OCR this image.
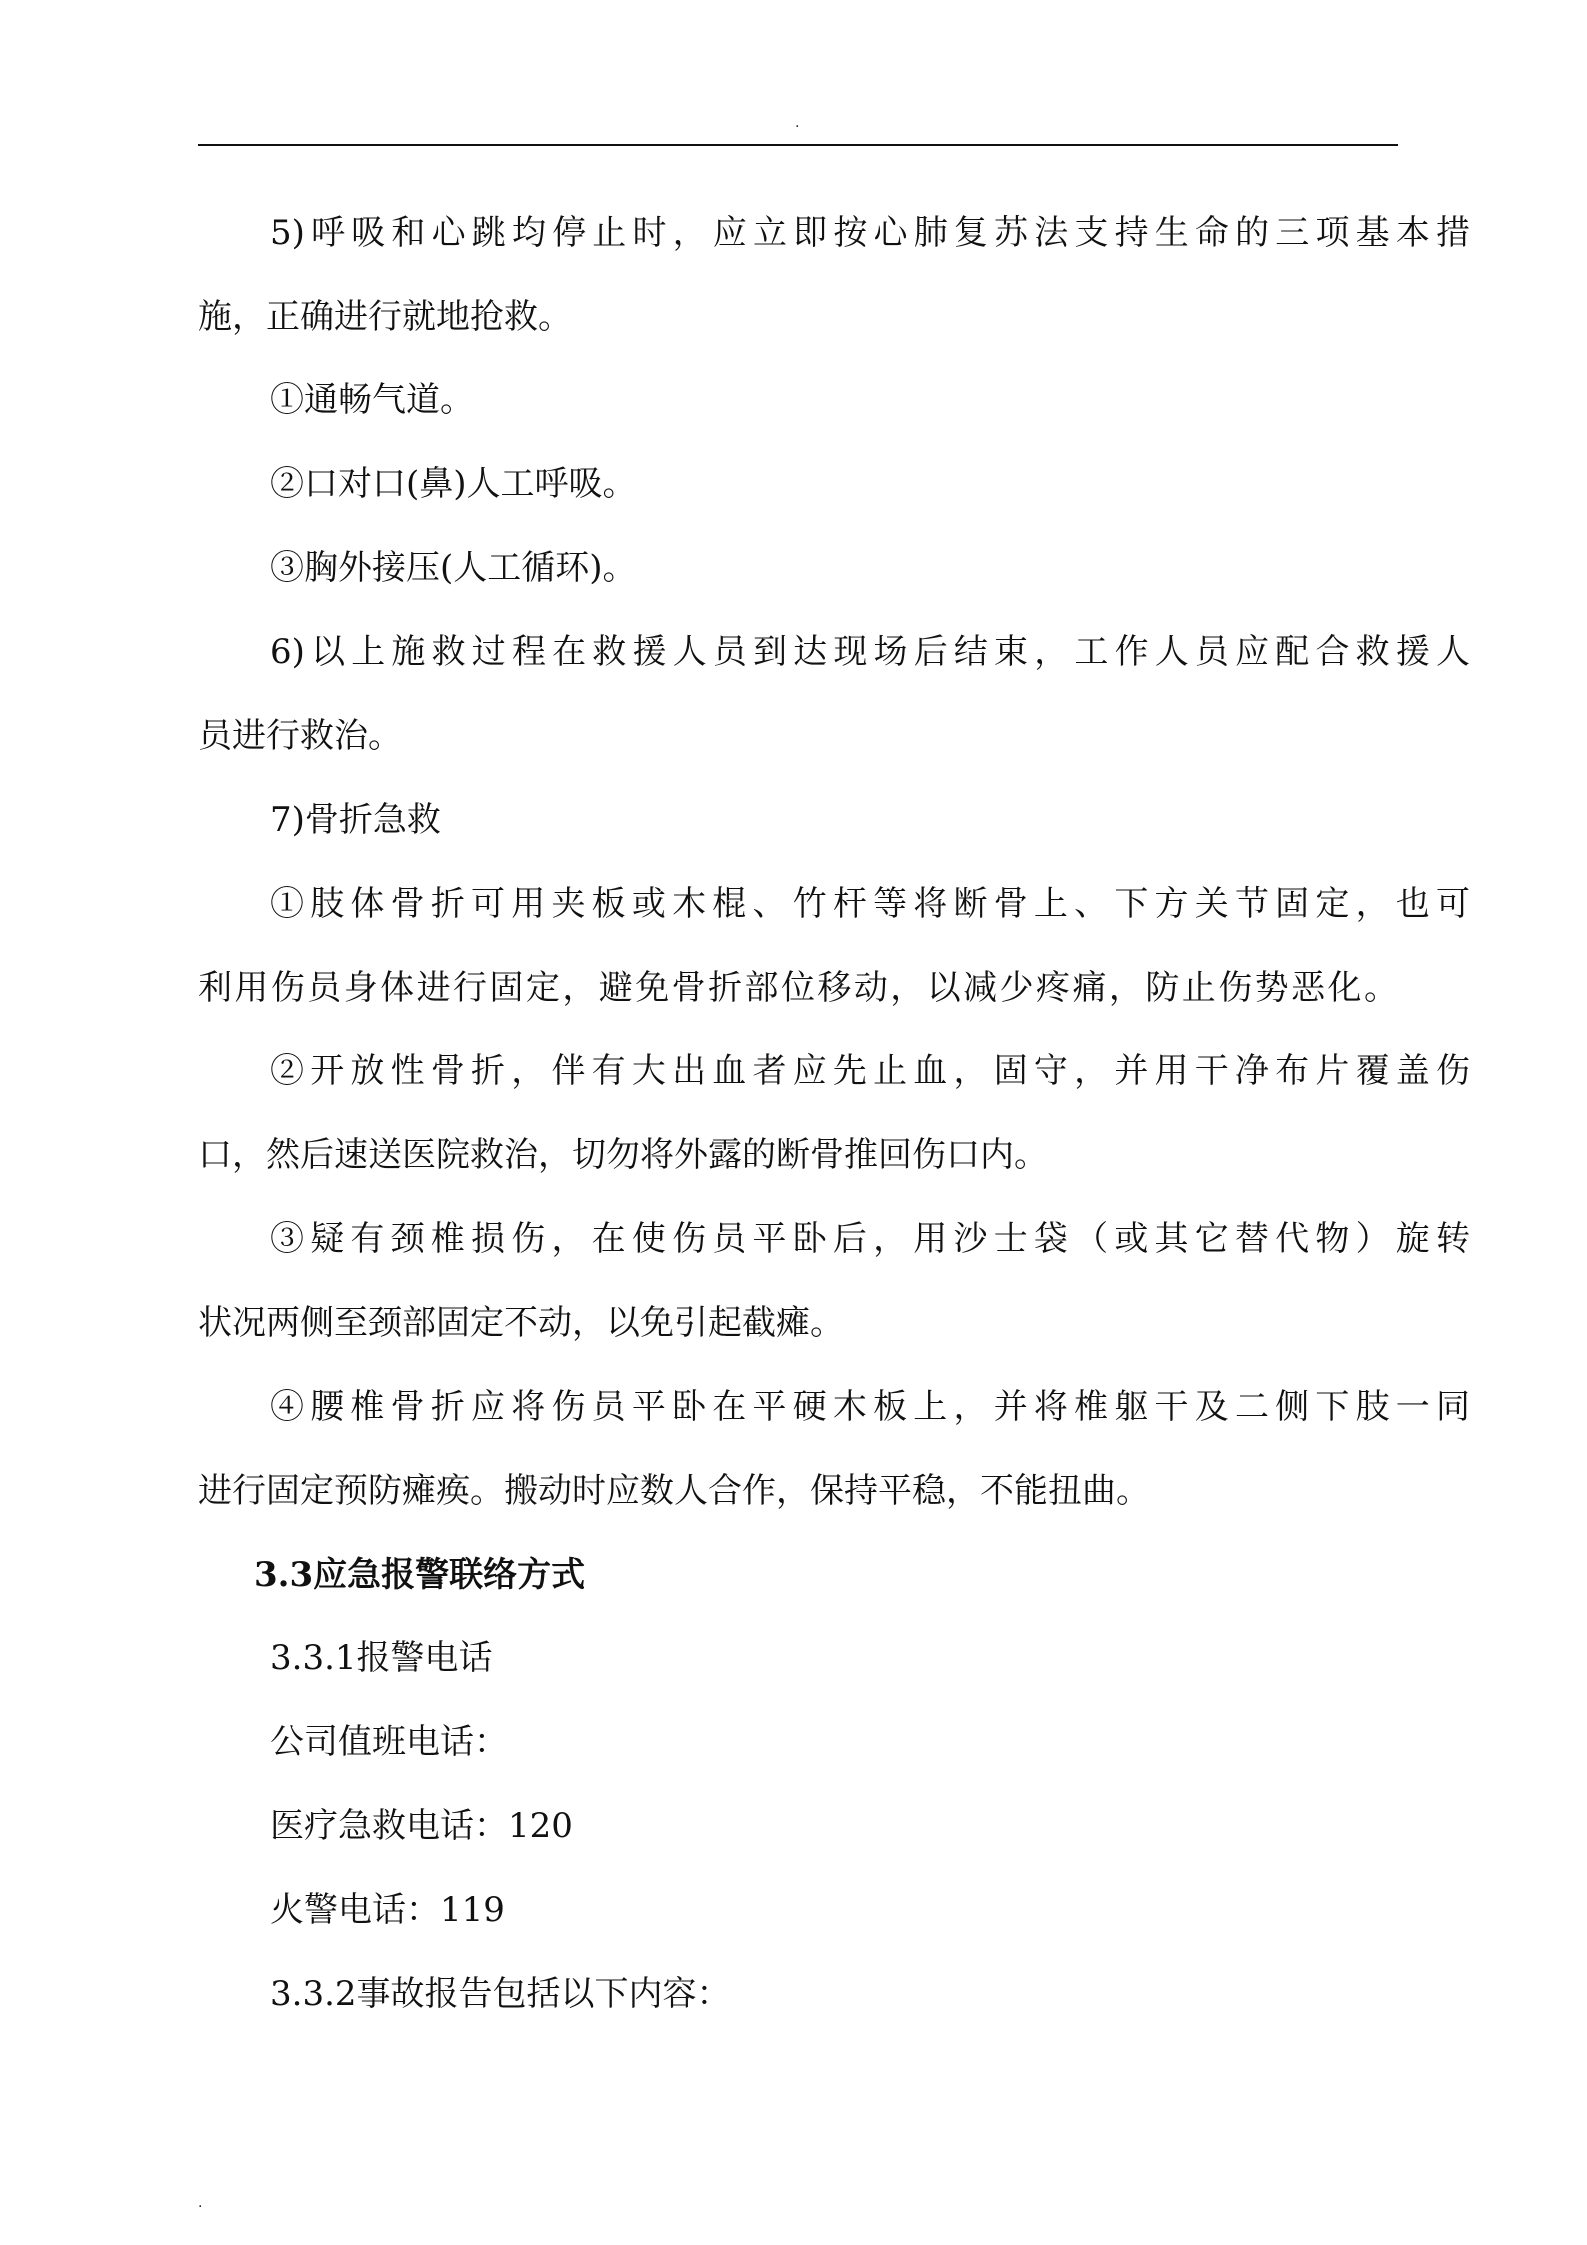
.
5)呼吸和心跳均停止时，应立即按心肺复苏法支持生命的三项基本措
施，正确进行就地抢救。
①通畅气道。
②口对口(鼻)人工呼吸。
③胸外接压(人工循环)。
6)以上施救过程在救援人员到达现场后结束，工作人员应配合救援人
员进行救治。
7)骨折急救
①肢体骨折可用夹板或木棍、竹杆等将断骨上、下方关节固定，也可
利用伤员身体进行固定，避免骨折部位移动，以减少疼痛，防止伤势恶化。
②开放性骨折，伴有大出血者应先止血，固守，并用干净布片覆盖伤
口，然后速送医院救治，切勿将外露的断骨推回伤口内。
③疑有颈椎损伤，在使伤员平卧后，用沙士袋（或其它替代物）旋转
状况两侧至颈部固定不动，以免引起截瘫。
④腰椎骨折应将伤员平卧在平硬木板上，并将椎躯干及二侧下肢一同
进行固定预防瘫痪。搬动时应数人合作，保持平稳，不能扭曲。
3.3应急报警联络方式
3.3.1报警电话
公司值班电话：
医疗急救电话：120
火警电话：119
3.3.2事故报告包括以下内容：
.
